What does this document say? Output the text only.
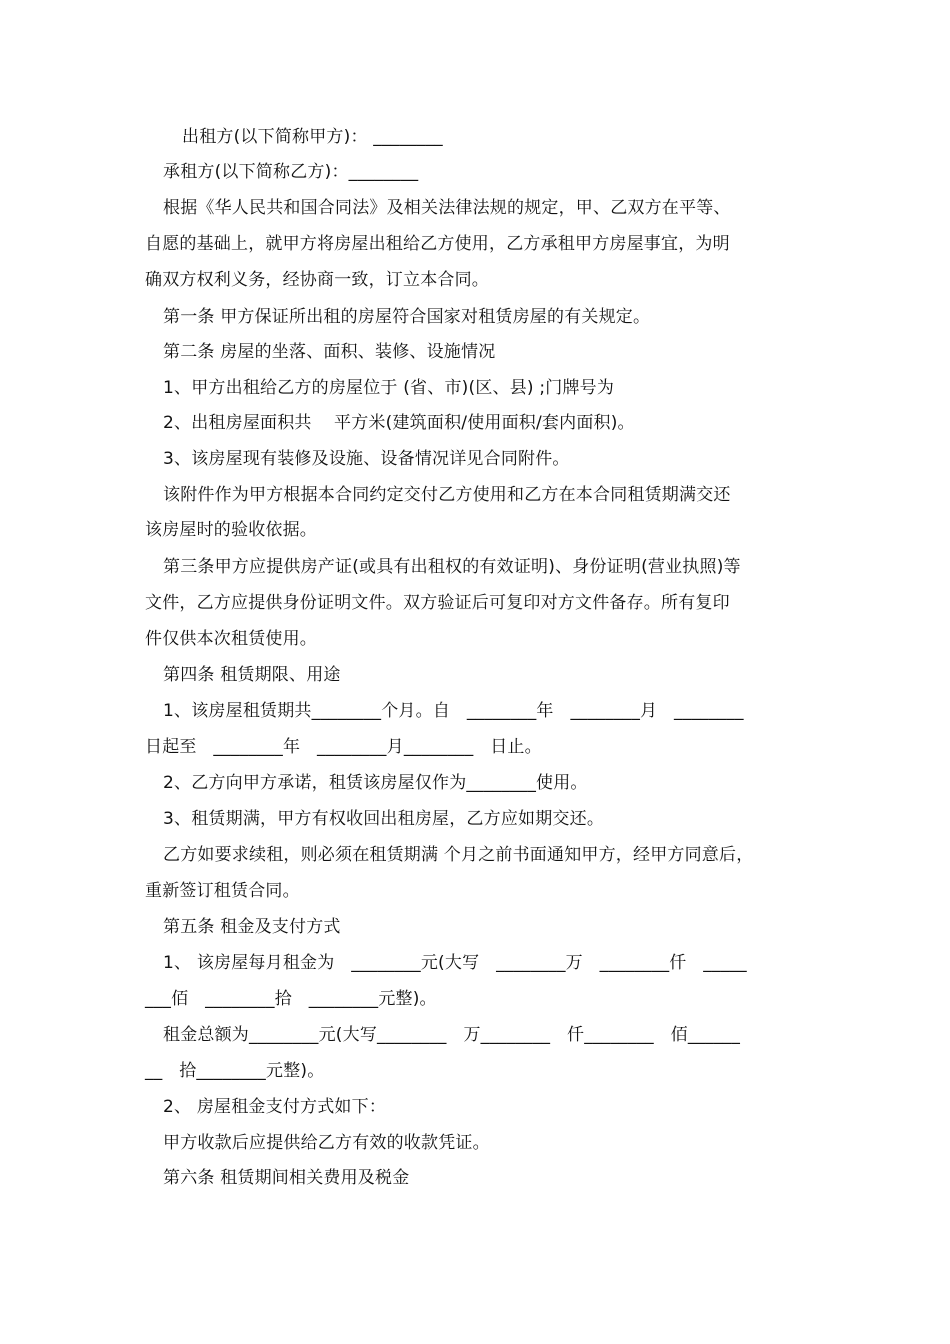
出租方(以下简称甲方)： ________
承租方(以下简称乙方)：________
根据《华人民共和国合同法》及相关法律法规的规定，甲、乙双方在平等、
自愿的基础上，就甲方将房屋出租给乙方使用，乙方承租甲方房屋事宜，为明
确双方权利义务，经协商一致，订立本合同。
第一条 甲方保证所出租的房屋符合国家对租赁房屋的有关规定。
第二条 房屋的坐落、面积、装修、设施情况
1、甲方出租给乙方的房屋位于 (省、市)(区、县) ;门牌号为
2、出租房屋面积共    平方米(建筑面积/使用面积/套内面积)。
3、该房屋现有装修及设施、设备情况详见合同附件。
该附件作为甲方根据本合同约定交付乙方使用和乙方在本合同租赁期满交还
该房屋时的验收依据。
第三条甲方应提供房产证(或具有出租权的有效证明)、身份证明(营业执照)等
文件，乙方应提供身份证明文件。双方验证后可复印对方文件备存。所有复印
件仅供本次租赁使用。
第四条 租赁期限、用途
1、该房屋租赁期共________个月。自   ________年   ________月   ________
日起至   ________年   ________月________   日止。
2、乙方向甲方承诺，租赁该房屋仅作为________使用。
3、租赁期满，甲方有权收回出租房屋，乙方应如期交还。
乙方如要求续租，则必须在租赁期满 个月之前书面通知甲方，经甲方同意后，
重新签订租赁合同。
第五条 租金及支付方式
1、 该房屋每月租金为   ________元(大写   ________万   ________仟   _____
___佰   ________拾   ________元整)。
租金总额为________元(大写________   万________   仟________   佰______
__   拾________元整)。
2、 房屋租金支付方式如下：
甲方收款后应提供给乙方有效的收款凭证。
第六条 租赁期间相关费用及税金
